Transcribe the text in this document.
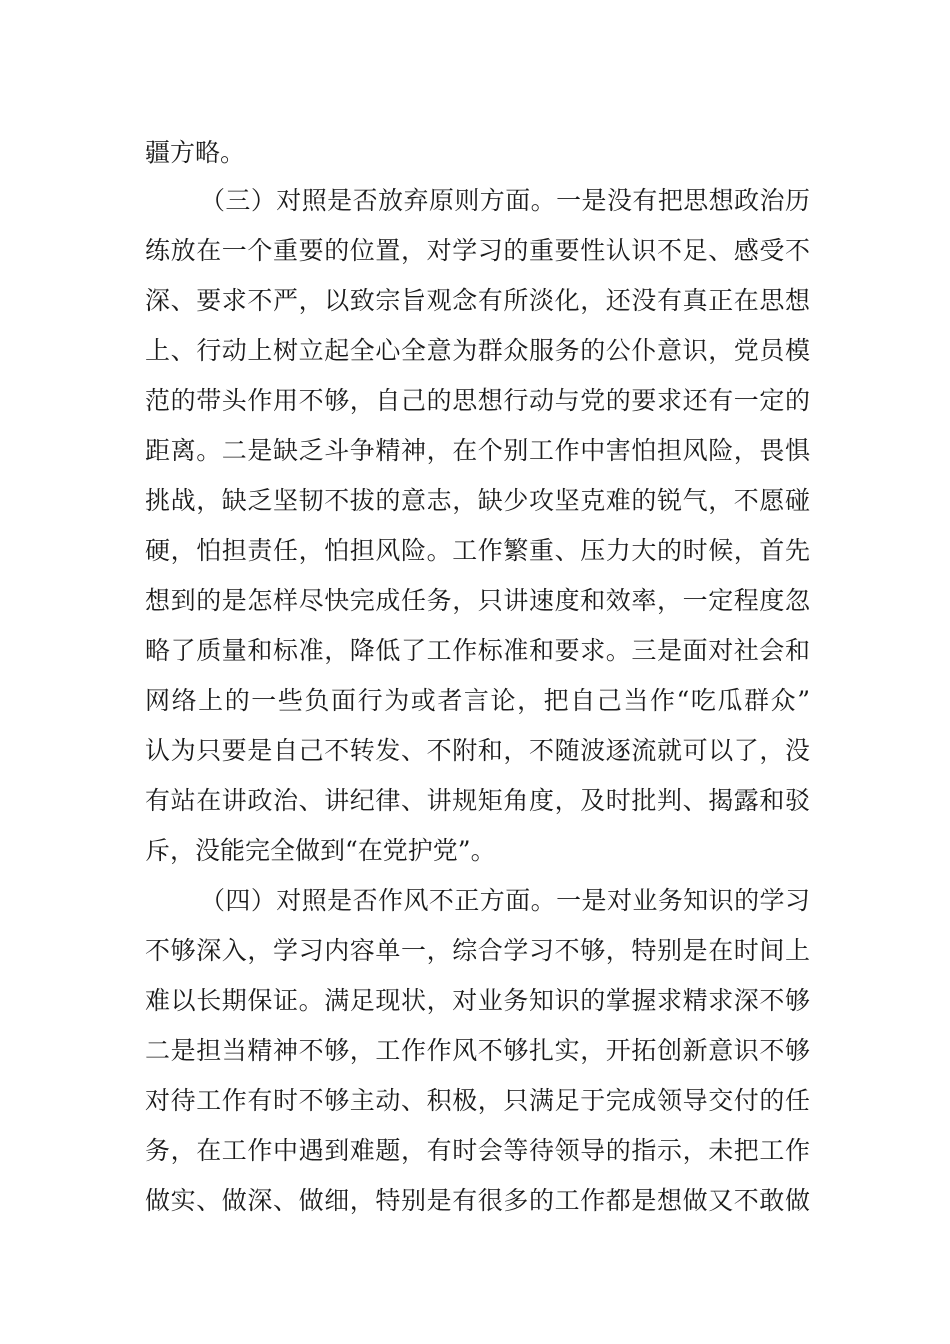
疆方略。
（三）对照是否放弃原则方面。一是没有把思想政治历
练放在一个重要的位置，对学习的重要性认识不足、感受不
深、要求不严，以致宗旨观念有所淡化，还没有真正在思想
上、行动上树立起全心全意为群众服务的公仆意识，党员模
范的带头作用不够，自己的思想行动与党的要求还有一定的
距离。二是缺乏斗争精神，在个别工作中害怕担风险，畏惧
挑战，缺乏坚韧不拔的意志，缺少攻坚克难的锐气，不愿碰
硬，怕担责任，怕担风险。工作繁重、压力大的时候，首先
想到的是怎样尽快完成任务，只讲速度和效率，一定程度忽
略了质量和标准，降低了工作标准和要求。三是面对社会和
网络上的一些负面行为或者言论，把自己当作“吃瓜群众”
认为只要是自己不转发、不附和，不随波逐流就可以了，没
有站在讲政治、讲纪律、讲规矩角度，及时批判、揭露和驳
斥，没能完全做到“在党护党”。
（四）对照是否作风不正方面。一是对业务知识的学习
不够深入，学习内容单一，综合学习不够，特别是在时间上
难以长期保证。满足现状，对业务知识的掌握求精求深不够
二是担当精神不够，工作作风不够扎实，开拓创新意识不够
对待工作有时不够主动、积极，只满足于完成领导交付的任
务，在工作中遇到难题，有时会等待领导的指示，未把工作
做实、做深、做细，特别是有很多的工作都是想做又不敢做
